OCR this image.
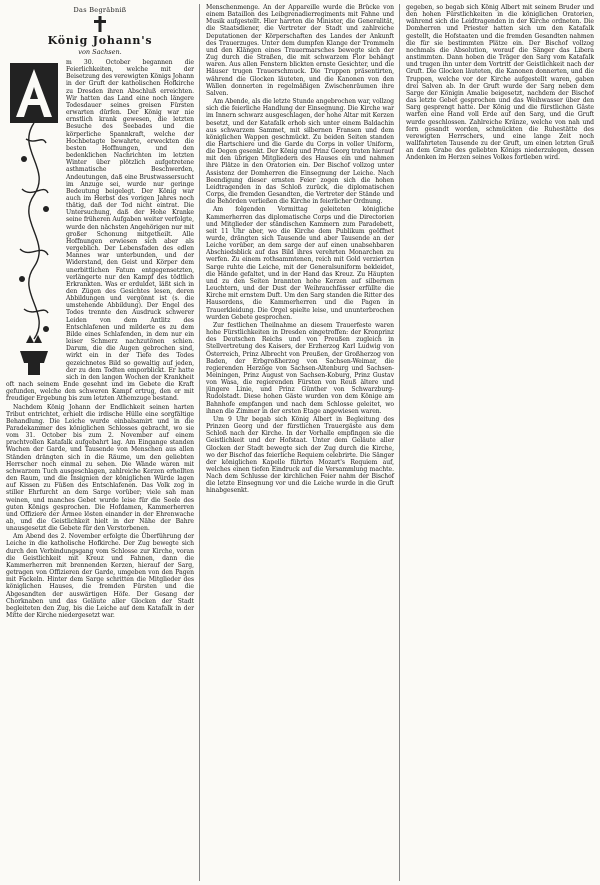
Das Begräbniß
König Johann's
von Sachsen.

m 30. October begannen die Feierlichkeiten, welche mit der Beisetzung des verewigten Königs Johann in der Gruft der katholischen Hofkirche zu Dresden ihren Abschluß erreichten. Wir hatten das Land eine noch längere Todesdauer seines greisen Fürsten erwarten dürfen. Der König war nie ernstlich krank gewesen, die letzten Besuche des Seebades und die körperliche Spannkraft, welche der Hochbetagte bewahrte, erweckten die besten Hoffnungen, und den bedenklichen Nachrichten im letzten Winter über plötzlich aufgetretene asthmatische Beschwerden, Andeutungen, daß eine Brustwassersucht im Anzuge sei, wurde nur geringe Bedeutung beigelegt. Der König war auch im Herbst des vorigen Jahres noch thätig, daß der Tod nicht eintrat. Die Untersuchung, daß der Hohe Kranke seine früheren Aufgaben weiter verfolgte, wurde den nächsten Angehörigen nur mit großer Schonung mitgetheilt. Alle Hoffnungen erwiesen sich aber als vergeblich. Der Lebensfaden des edlen Mannes war unterbunden, und der Widerstand, den Geist und Körper dem unerbittlichen Fatum entgegensetzten, verlängerte nur den Kampf des tödtlich Erkrankten. Was er erduldet, läßt sich in den Zügen des Gesichtes lesen, deren Abbildungen und vergönnt ist (s. die umstehende Abbildung). Der Engel des Todes trennte den Ausdruck schwerer Leiden von dem Antlitz des Entschlafenen und milderte es zu dem Bilde eines Schlafenden, in dem nur ein leiser Schmerz nachzutönen schien. Darum, die die Augen gebrochen sind, wirkt ein in der Tiefe des Todes gezeichnetes Bild so gewaltig auf jeden, der zu dem Todten emporblickt. Er hatte sich in den langen Wochen der Krankheit oft nach seinem Ende gesehnt und im Gebete die Kraft gefunden, welche den schweren Kampf ertrug, den er mit freudiger Ergebung bis zum letzten Athemzuge bestand.

Nachdem König Johann der Endlichkeit seinen harten Tribut entrichtet, erhielt die irdische Hülle eine sorgfältige Behandlung. Die Leiche wurde einbalsamirt und in die Paradekammer des königlichen Schlosses gebracht, wo sie vom 31. October bis zum 2. November auf einem prachtvollen Katafalk aufgebahrt lag. Am Eingange standen Wachen der Garde, und Tausende von Menschen aus allen Ständen drängten sich in die Räume, um den geliebten Herrscher noch einmal zu sehen. Die Wände waren mit schwarzem Tuch ausgeschlagen, zahlreiche Kerzen erhellten den Raum, und die Insignien der königlichen Würde lagen auf Kissen zu Füßen des Entschlafenen. Das Volk zog in stiller Ehrfurcht an dem Sarge vorüber; viele sah man weinen, und manches Gebet wurde leise für die Seele des guten Königs gesprochen. Die Hofdamen, Kammerherren und Offiziere der Armee lösten einander in der Ehrenwache ab, und die Geistlichkeit hielt in der Nähe der Bahre unausgesetzt die Gebete für den Verstorbenen.

Am Abend des 2. November erfolgte die Überführung der Leiche in die katholische Hofkirche. Der Zug bewegte sich durch den Verbindungsgang vom Schlosse zur Kirche, voran die Geistlichkeit mit Kreuz und Fahnen, dann die Kammerherren mit brennenden Kerzen, hierauf der Sarg, getragen von Offizieren der Garde, umgeben von den Pagen mit Fackeln. Hinter dem Sarge schritten die Mitglieder des königlichen Hauses, die fremden Fürsten und die Abgesandten der auswärtigen Höfe. Der Gesang der Chorknaben und das Geläute aller Glocken der Stadt begleiteten den Zug, bis die Leiche auf dem Katafalk in der Mitte der Kirche niedergesetzt war.

Menschenmenge. An der Appareille wurde die Brücke von einem Bataillon des Leibgrenadierregiments mit Fahne und Musik aufgestellt. Hier harrten die Minister, die Generalität, die Staatsdiener, die Vertreter der Stadt und zahlreiche Deputationen der Körperschaften des Landes der Ankunft des Trauerzuges. Unter dem dumpfen Klange der Trommeln und den Klängen eines Trauermarsches bewegte sich der Zug durch die Straßen, die mit schwarzem Flor behängt waren. Aus allen Fenstern blickten ernste Gesichter, und die Häuser trugen Trauerschmuck. Die Truppen präsentirten, während die Glocken läuteten, und die Kanonen von den Wällen donnerten in regelmäßigen Zwischenräumen ihre Salven.

Am Abende, als die letzte Stunde angebrochen war, vollzog sich die feierliche Handlung der Einsegnung. Die Kirche war im Innern schwarz ausgeschlagen, der hohe Altar mit Kerzen besetzt, und der Katafalk erhob sich unter einem Baldachin aus schwarzem Sammet, mit silbernen Fransen und dem königlichen Wappen geschmückt. Zu beiden Seiten standen die Hartschiere und die Garde du Corps in voller Uniform, die Degen gesenkt. Der König und Prinz Georg traten hierauf mit den übrigen Mitgliedern des Hauses ein und nahmen ihre Plätze in den Oratorien ein. Der Bischof vollzog unter Assistenz der Domherren die Einsegnung der Leiche. Nach Beendigung dieser ernsten Feier zogen sich die hohen Leidtragenden in das Schloß zurück, die diplomatischen Corps, die fremden Gesandten, die Vertreter der Stände und die Behörden verließen die Kirche in feierlicher Ordnung.

Am folgenden Vormittag geleiteten königliche Kammerherren das diplomatische Corps und die Directorien und Mitglieder der ständischen Kammern zum Paradebett, seit 11 Uhr aber, wo die Kirche dem Publikum geöffnet wurde, drängten sich Tausende und aber Tausende an der Leiche vorüber, an dem sarge der auf einen unabsehbaren Abschiedsblick auf das Bild ihres verehrten Monarchen zu werfen. Zu einem rothsammtenen, reich mit Gold verzierten Sarge ruhte die Leiche, mit der Generalsuniform bekleidet, die Hände gefaltet, und in der Hand das Kreuz. Zu Häupten und zu den Seiten brannten hohe Kerzen auf silbernen Leuchtern, und der Dust der Weihrauchfässer erfüllte die Kirche mit ernstem Duft. Um den Sarg standen die Ritter des Hausordens, die Kammerherren und die Pagen in Trauerkleidung. Die Orgel spielte leise, und ununterbrochen wurden Gebete gesprochen.

Zur festlichen Theilnahme an diesem Trauerfeste waren hohe Fürstlichkeiten in Dresden eingetroffen: der Kronprinz des Deutschen Reichs und von Preußen zugleich in Stellvertretung des Kaisers, der Erzherzog Karl Ludwig von Österreich, Prinz Albrecht von Preußen, der Großherzog von Baden, der Erbgroßherzog von Sachsen-Weimar, die regierenden Herzöge von Sachsen-Altenburg und Sachsen-Meiningen, Prinz August von Sachsen-Koburg, Prinz Gustav von Wasa, die regierenden Fürsten von Reuß ältere und jüngere Linie, und Prinz Günther von Schwarzburg-Rudolstadt. Diese hohen Gäste wurden von dem Könige am Bahnhofe empfangen und nach dem Schlosse geleitet, wo ihnen die Zimmer in der ersten Etage angewiesen waren.

Um 9 Uhr begab sich König Albert in Begleitung des Prinzen Georg und der fürstlichen Trauergäste aus dem Schloß nach der Kirche. In der Vorhalle empfingen sie die Geistlichkeit und der Hofstaat. Unter dem Geläute aller Glocken der Stadt bewegte sich der Zug durch die Kirche, wo der Bischof das feierliche Requiem celebrirte. Die Sänger der königlichen Kapelle führten Mozart's Requiem auf, welches einen tiefen Eindruck auf die Versammlung machte. Nach dem Schlusse der kirchlichen Feier nahm der Bischof die letzte Einsegnung vor und die Leiche wurde in die Gruft hinabgesenkt.

gegeben, so begab sich König Albert mit seinem Bruder und den hohen Fürstlichkeiten in die königlichen Oratorien, während sich die Leidtragenden in der Kirche ordneten. Die Domherren und Priester hatten sich um den Katafalk gestellt, die Hofstaaten und die fremden Gesandten nahmen die für sie bestimmten Plätze ein. Der Bischof vollzog nochmals die Absolution, worauf die Sänger das Libera anstimmten. Dann hoben die Träger den Sarg vom Katafalk und trugen ihn unter dem Vortritt der Geistlichkeit nach der Gruft. Die Glocken läuteten, die Kanonen donnerten, und die Truppen, welche vor der Kirche aufgestellt waren, gaben drei Salven ab. In der Gruft wurde der Sarg neben dem Sarge der Königin Amalie beigesetzt, nachdem der Bischof das letzte Gebet gesprochen und das Weihwasser über den Sarg gesprengt hatte. Der König und die fürstlichen Gäste warfen eine Hand voll Erde auf den Sarg, und die Gruft wurde geschlossen. Zahlreiche Kränze, welche von nah und fern gesandt worden, schmückten die Ruhestätte des verewigten Herrschers, und eine lange Zeit noch wallfahrteten Tausende zu der Gruft, um einen letzten Gruß an dem Grabe des geliebten Königs niederzulegen, dessen Andenken im Herzen seines Volkes fortleben wird.
